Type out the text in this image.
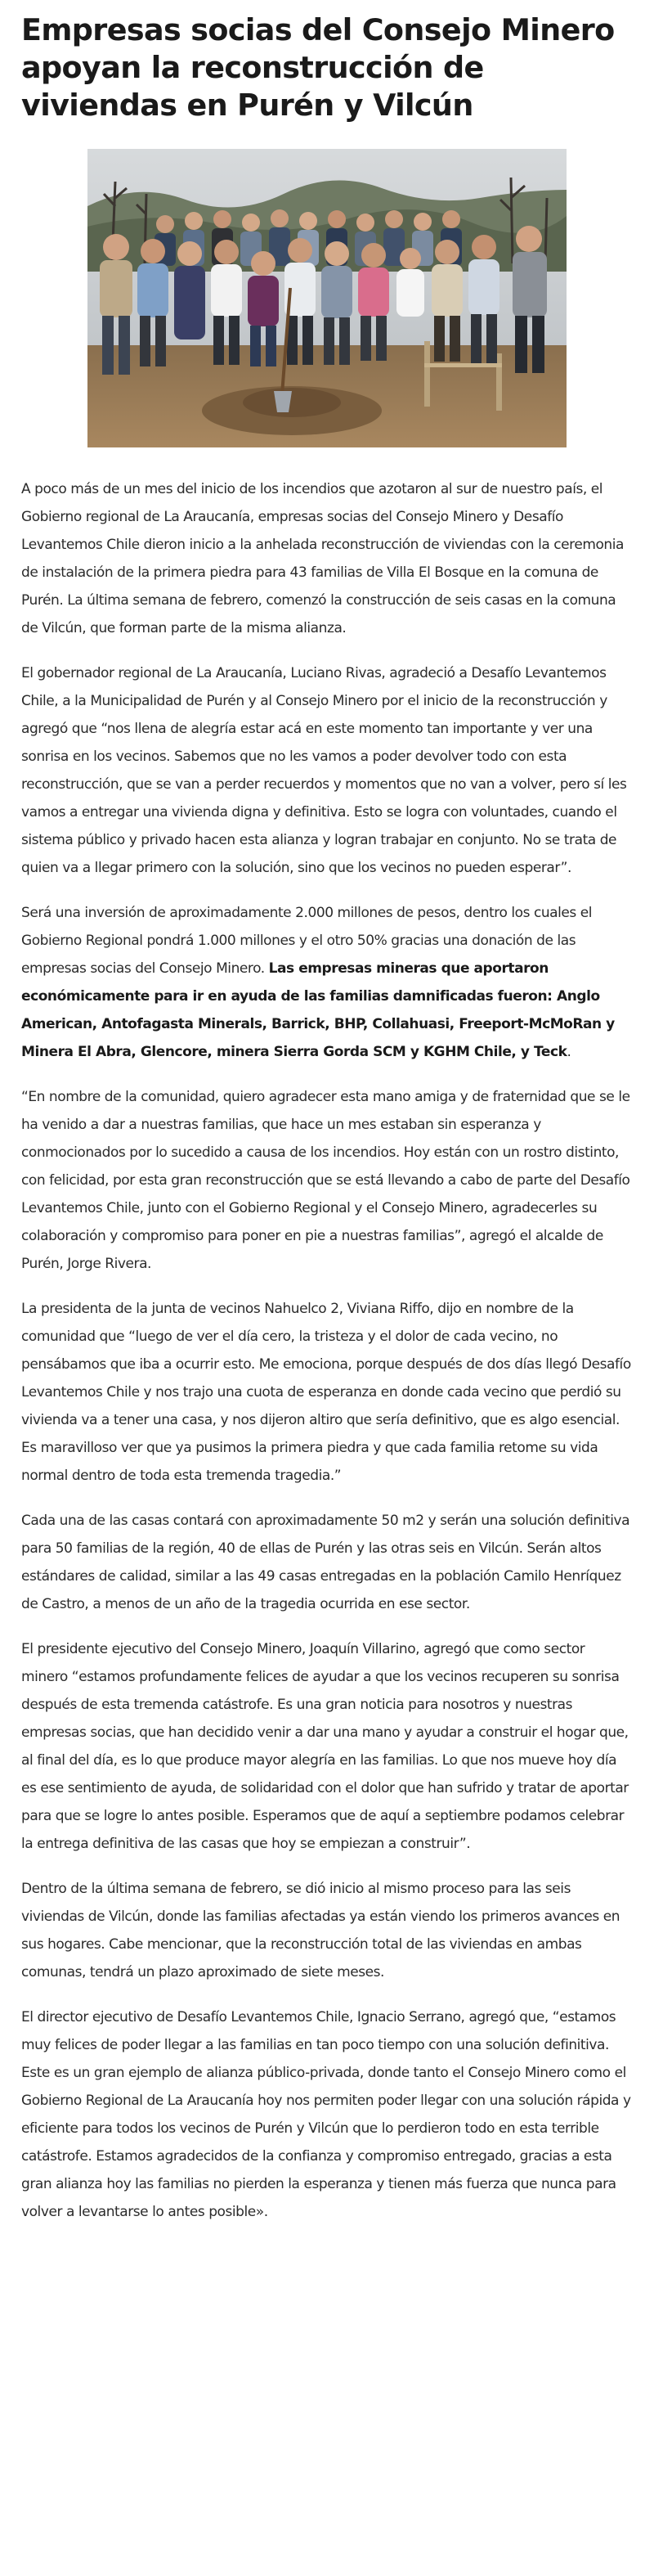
Empresas socias del Consejo Minero apoyan la reconstrucción de viviendas en Purén y Vilcún

A poco más de un mes del inicio de los incendios que azotaron al sur de nuestro país, el Gobierno regional de La Araucanía, empresas socias del Consejo Minero y Desafío Levantemos Chile dieron inicio a la anhelada reconstrucción de viviendas con la ceremonia de instalación de la primera piedra para 43 familias de Villa El Bosque en la comuna de Purén. La última semana de febrero, comenzó la construcción de seis casas en la comuna de Vilcún, que forman parte de la misma alianza.

El gobernador regional de La Araucanía, Luciano Rivas, agradeció a Desafío Levantemos Chile, a la Municipalidad de Purén y al Consejo Minero por el inicio de la reconstrucción y agregó que “nos llena de alegría estar acá en este momento tan importante y ver una sonrisa en los vecinos. Sabemos que no les vamos a poder devolver todo con esta reconstrucción, que se van a perder recuerdos y momentos que no van a volver, pero sí les vamos a entregar una vivienda digna y definitiva. Esto se logra con voluntades, cuando el sistema público y privado hacen esta alianza y logran trabajar en conjunto. No se trata de quien va a llegar primero con la solución, sino que los vecinos no pueden esperar”.

Será una inversión de aproximadamente 2.000 millones de pesos, dentro los cuales el Gobierno Regional pondrá 1.000 millones y el otro 50% gracias una donación de las empresas socias del Consejo Minero. Las empresas mineras que aportaron económicamente para ir en ayuda de las familias damnificadas fueron: Anglo American, Antofagasta Minerals, Barrick, BHP, Collahuasi, Freeport-McMoRan y Minera El Abra, Glencore, minera Sierra Gorda SCM y KGHM Chile, y Teck.

“En nombre de la comunidad, quiero agradecer esta mano amiga y de fraternidad que se le ha venido a dar a nuestras familias, que hace un mes estaban sin esperanza y conmocionados por lo sucedido a causa de los incendios. Hoy están con un rostro distinto, con felicidad, por esta gran reconstrucción que se está llevando a cabo de parte del Desafío Levantemos Chile, junto con el Gobierno Regional y el Consejo Minero, agradecerles su colaboración y compromiso para poner en pie a nuestras familias”, agregó el alcalde de Purén, Jorge Rivera.

La presidenta de la junta de vecinos Nahuelco 2, Viviana Riffo, dijo en nombre de la comunidad que “luego de ver el día cero, la tristeza y el dolor de cada vecino, no pensábamos que iba a ocurrir esto. Me emociona, porque después de dos días llegó Desafío Levantemos Chile y nos trajo una cuota de esperanza en donde cada vecino que perdió su vivienda va a tener una casa, y nos dijeron altiro que sería definitivo, que es algo esencial. Es maravilloso ver que ya pusimos la primera piedra y que cada familia retome su vida normal dentro de toda esta tremenda tragedia.”

Cada una de las casas contará con aproximadamente 50 m2 y serán una solución definitiva para 50 familias de la región, 40 de ellas de Purén y las otras seis en Vilcún. Serán altos estándares de calidad, similar a las 49 casas entregadas en la población Camilo Henríquez de Castro, a menos de un año de la tragedia ocurrida en ese sector.

El presidente ejecutivo del Consejo Minero, Joaquín Villarino, agregó que como sector minero “estamos profundamente felices de ayudar a que los vecinos recuperen su sonrisa después de esta tremenda catástrofe. Es una gran noticia para nosotros y nuestras empresas socias, que han decidido venir a dar una mano y ayudar a construir el hogar que, al final del día, es lo que produce mayor alegría en las familias. Lo que nos mueve hoy día es ese sentimiento de ayuda, de solidaridad con el dolor que han sufrido y tratar de aportar para que se logre lo antes posible. Esperamos que de aquí a septiembre podamos celebrar la entrega definitiva de las casas que hoy se empiezan a construir”.

Dentro de la última semana de febrero, se dió inicio al mismo proceso para las seis viviendas de Vilcún, donde las familias afectadas ya están viendo los primeros avances en sus hogares. Cabe mencionar, que la reconstrucción total de las viviendas en ambas comunas, tendrá un plazo aproximado de siete meses.

El director ejecutivo de Desafío Levantemos Chile, Ignacio Serrano, agregó que, “estamos muy felices de poder llegar a las familias en tan poco tiempo con una solución definitiva. Este es un gran ejemplo de alianza público-privada, donde tanto el Consejo Minero como el Gobierno Regional de La Araucanía hoy nos permiten poder llegar con una solución rápida y eficiente para todos los vecinos de Purén y Vilcún que lo perdieron todo en esta terrible catástrofe. Estamos agradecidos de la confianza y compromiso entregado, gracias a esta gran alianza hoy las familias no pierden la esperanza y tienen más fuerza que nunca para volver a levantarse lo antes posible».
